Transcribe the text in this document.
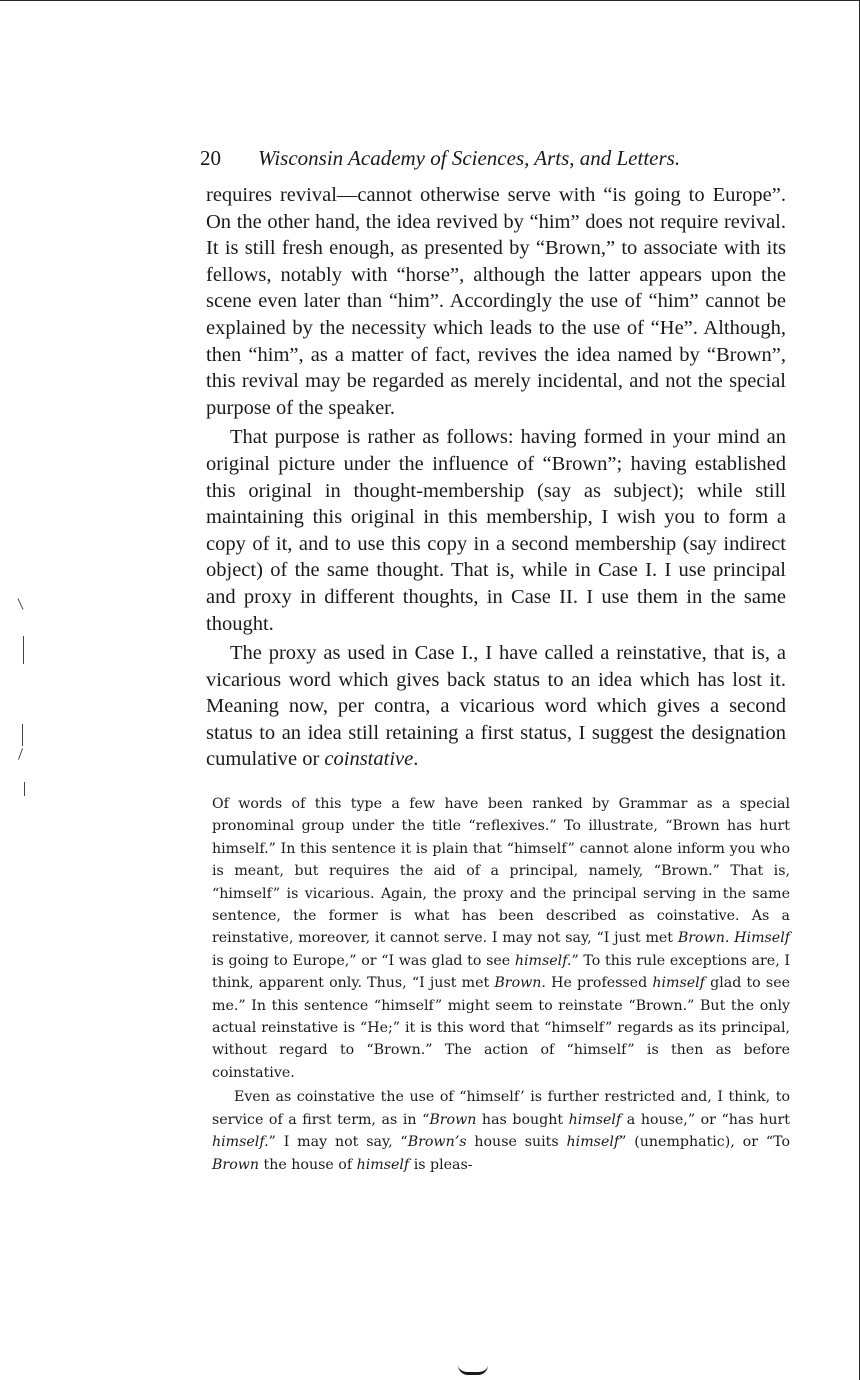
20 Wisconsin Academy of Sciences, Arts, and Letters.

requires revival—cannot otherwise serve with “is going to Europe”. On the other hand, the idea revived by “him” does not require revival. It is still fresh enough, as presented by “Brown,” to associate with its fellows, notably with “horse”, although the latter appears upon the scene even later than “him”. Accordingly the use of “him” cannot be explained by the necessity which leads to the use of “He”. Although, then “him”, as a matter of fact, revives the idea named by “Brown”, this revival may be regarded as merely incidental, and not the special purpose of the speaker.

That purpose is rather as follows: having formed in your mind an original picture under the influence of “Brown”; having established this original in thought-membership (say as subject); while still maintaining this original in this membership, I wish you to form a copy of it, and to use this copy in a second membership (say indirect object) of the same thought. That is, while in Case I. I use principal and proxy in different thoughts, in Case II. I use them in the same thought.

The proxy as used in Case I., I have called a reinstative, that is, a vicarious word which gives back status to an idea which has lost it. Meaning now, per contra, a vicarious word which gives a second status to an idea still retaining a first status, I suggest the designation cumulative or coinstative.

Of words of this type a few have been ranked by Grammar as a special pronominal group under the title “reflexives.” To illustrate, “Brown has hurt himself.” In this sentence it is plain that “himself” cannot alone inform you who is meant, but requires the aid of a principal, namely, “Brown.” That is, “himself” is vicarious. Again, the proxy and the principal serving in the same sentence, the former is what has been described as coinstative. As a reinstative, moreover, it cannot serve. I may not say, “I just met Brown. Himself is going to Europe,” or “I was glad to see himself.” To this rule exceptions are, I think, apparent only. Thus, “I just met Brown. He professed himself glad to see me.” In this sentence “himself” might seem to reinstate “Brown.” But the only actual reinstative is “He;” it is this word that “himself” regards as its principal, without regard to “Brown.” The action of “himself” is then as before coinstative.

Even as coinstative the use of “himself’ is further restricted and, I think, to service of a first term, as in “Brown has bought himself a house,” or “has hurt himself.” I may not say, “Brown’s house suits himself” (unemphatic), or “To Brown the house of himself is pleas-
